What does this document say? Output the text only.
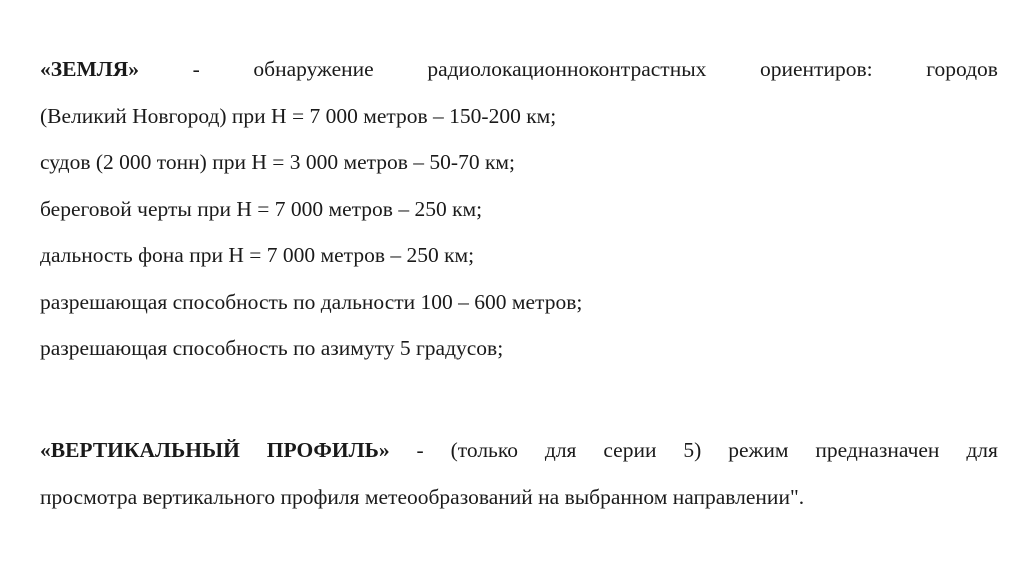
«ЗЕМЛЯ» - обнаружение радиолокационноконтрастных ориентиров: городов
(Великий Новгород) при H = 7 000 метров – 150-200 км;
судов (2 000 тонн) при H = 3 000 метров – 50-70 км;
береговой черты при H = 7 000 метров – 250 км;
дальность фона при H = 7 000 метров – 250 км;
разрешающая способность по дальности 100 – 600 метров;
разрешающая способность по азимуту 5 градусов;
«ВЕРТИКАЛЬНЫЙ ПРОФИЛЬ» - (только для серии 5) режим предназначен для
просмотра вертикального профиля метеообразований на выбранном направлении".
